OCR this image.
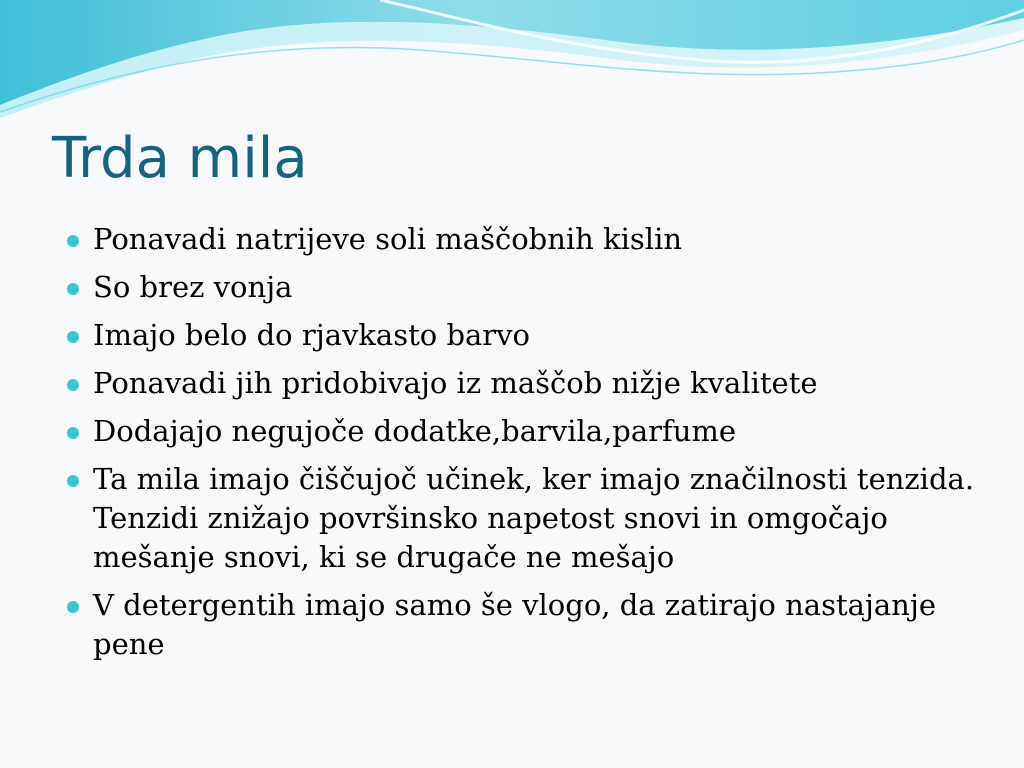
Trda mila
Ponavadi natrijeve soli maščobnih kislin
So brez vonja
Imajo belo do rjavkasto barvo
Ponavadi jih pridobivajo iz maščob nižje kvalitete
Dodajajo negujoče dodatke,barvila,parfume
Ta mila imajo čiščujoč učinek, ker imajo značilnosti tenzida. Tenzidi znižajo površinsko napetost snovi in omgočajo mešanje snovi, ki se drugače ne mešajo
V detergentih imajo samo še vlogo, da zatirajo nastajanje pene
